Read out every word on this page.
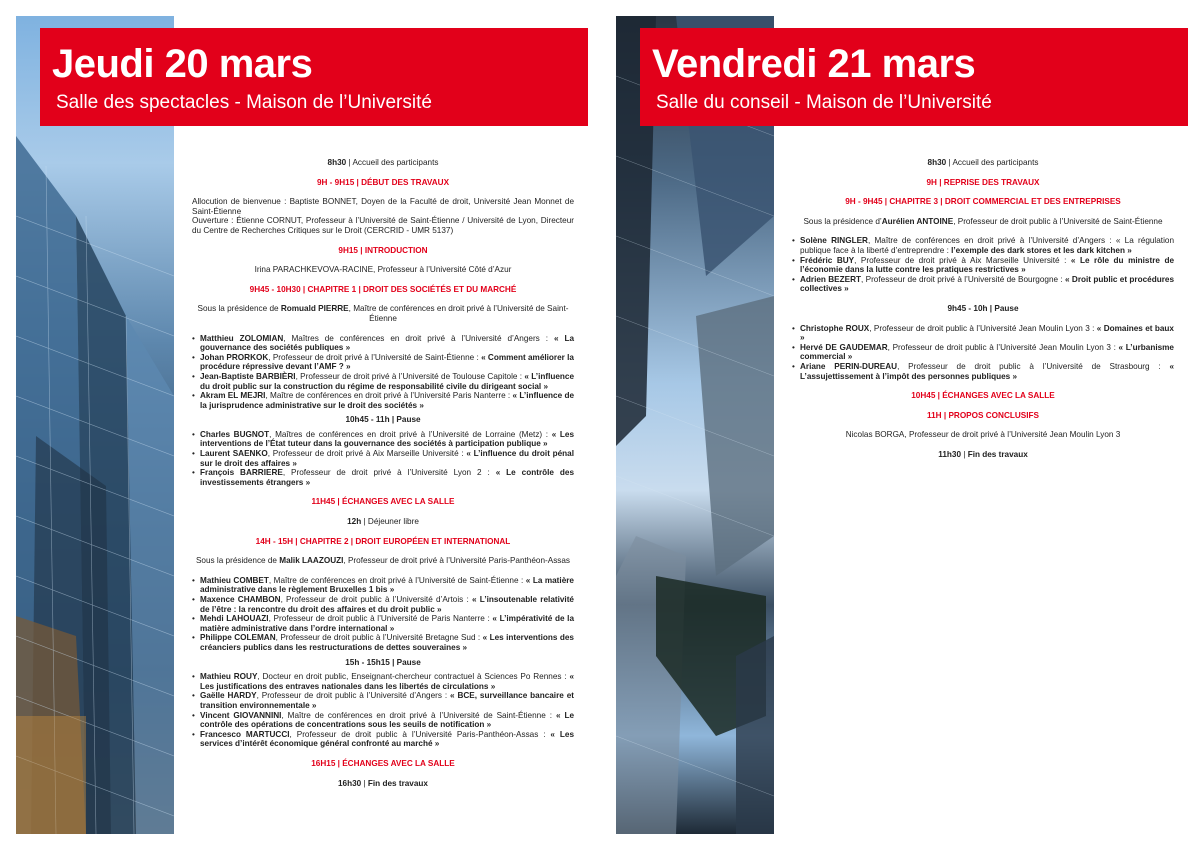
Jeudi 20 mars
Salle des spectacles - Maison de l’Université
8h30 | Accueil des participants
9H - 9H15 | DÉBUT DES TRAVAUX
Allocution de bienvenue : Baptiste BONNET, Doyen de la Faculté de droit, Université Jean Monnet de Saint-Étienne
Ouverture : Étienne CORNUT, Professeur à l’Université de Saint-Étienne / Université de Lyon, Directeur du Centre de Recherches Critiques sur le Droit (CERCRID - UMR 5137)
9H15 | INTRODUCTION
Irina PARACHKEVOVA-RACINE, Professeur à l’Université Côté d’Azur
9H45 - 10H30 | CHAPITRE 1 | DROIT DES SOCIÉTÉS ET DU MARCHÉ
Sous la présidence de Romuald PIERRE, Maître de conférences en droit privé à l’Université de Saint-Étienne
• Matthieu ZOLOMIAN, Maîtres de conférences en droit privé à l’Université d’Angers : « La gouvernance des sociétés publiques »
• Johan PRORKOK, Professeur de droit privé à l’Université de Saint-Étienne : « Comment améliorer la procédure répressive devant l’AMF ? »
• Jean-Baptiste BARBIÈRI, Professeur de droit privé à l’Université de Toulouse Capitole : « L’influence du droit public sur la construction du régime de responsabilité civile du dirigeant social »
• Akram EL MEJRI, Maître de conférences en droit privé à l’Université Paris Nanterre : « L’influence de la jurisprudence administrative sur le droit des sociétés »
10h45 - 11h | Pause
• Charles BUGNOT, Maîtres de conférences en droit privé à l’Université de Lorraine (Metz) : « Les interventions de l’État tuteur dans la gouvernance des sociétés à participation publique »
• Laurent SAENKO, Professeur de droit privé à Aix Marseille Université : « L’influence du droit pénal sur le droit des affaires »
• François BARRIERE, Professeur de droit privé à l’Université Lyon 2 : « Le contrôle des investissements étrangers »
11H45 | ÉCHANGES AVEC LA SALLE
12h | Déjeuner libre
14H - 15H | CHAPITRE 2 | DROIT EUROPÉEN ET INTERNATIONAL
Sous la présidence de Malik LAAZOUZI, Professeur de droit privé à l’Université Paris-Panthéon-Assas
• Mathieu COMBET, Maître de conférences en droit privé à l’Université de Saint-Étienne : « La matière administrative dans le règlement Bruxelles 1 bis »
• Maxence CHAMBON, Professeur de droit public à l’Université d’Artois : « L’insoutenable relativité de l’être : la rencontre du droit des affaires et du droit public »
• Mehdi LAHOUAZI, Professeur de droit public à l’Université de Paris Nanterre : « L’impérativité de la matière administrative dans l’ordre international »
• Philippe COLEMAN, Professeur de droit public à l’Université Bretagne Sud : « Les interventions des créanciers publics dans les restructurations de dettes souveraines »
15h - 15h15 | Pause
• Mathieu ROUY, Docteur en droit public, Enseignant-chercheur contractuel à Sciences Po Rennes : « Les justifications des entraves nationales dans les libertés de circulations »
• Gaëlle HARDY, Professeur de droit public à l’Université d’Angers : « BCE, surveillance bancaire et transition environnementale »
• Vincent GIOVANNINI, Maître de conférences en droit privé à l’Université de Saint-Étienne : « Le contrôle des opérations de concentrations sous les seuils de notification »
• Francesco MARTUCCI, Professeur de droit public à l’Université Paris-Panthéon-Assas : « Les services d’intérêt économique général confronté au marché »
16H15 | ÉCHANGES AVEC LA SALLE
16h30 | Fin des travaux
Vendredi 21 mars
Salle du conseil - Maison de l’Université
8h30 | Accueil des participants
9H | REPRISE DES TRAVAUX
9H - 9H45 | CHAPITRE 3 | DROIT COMMERCIAL ET DES ENTREPRISES
Sous la présidence d’Aurélien ANTOINE, Professeur de droit public à l’Université de Saint-Étienne
• Solène RINGLER, Maître de conférences en droit privé à l’Université d’Angers : « La régulation publique face à la liberté d’entreprendre : l’exemple des dark stores et les dark kitchen »
• Frédéric BUY, Professeur de droit privé à Aix Marseille Université : « Le rôle du ministre de l’économie dans la lutte contre les pratiques restrictives »
• Adrien BEZERT, Professeur de droit privé à l’Université de Bourgogne : « Droit public et procédures collectives »
9h45 - 10h | Pause
• Christophe ROUX, Professeur de droit public à l’Université Jean Moulin Lyon 3 : « Domaines et baux »
• Hervé DE GAUDEMAR, Professeur de droit public à l’Université Jean Moulin Lyon 3 : « L’urbanisme commercial »
• Ariane PERIN-DUREAU, Professeur de droit public à l’Université de Strasbourg : « L’assujettissement à l’impôt des personnes publiques »
10H45 | ÉCHANGES AVEC LA SALLE
11H | PROPOS CONCLUSIFS
Nicolas BORGA, Professeur de droit privé à l’Université Jean Moulin Lyon 3
11h30 | Fin des travaux
